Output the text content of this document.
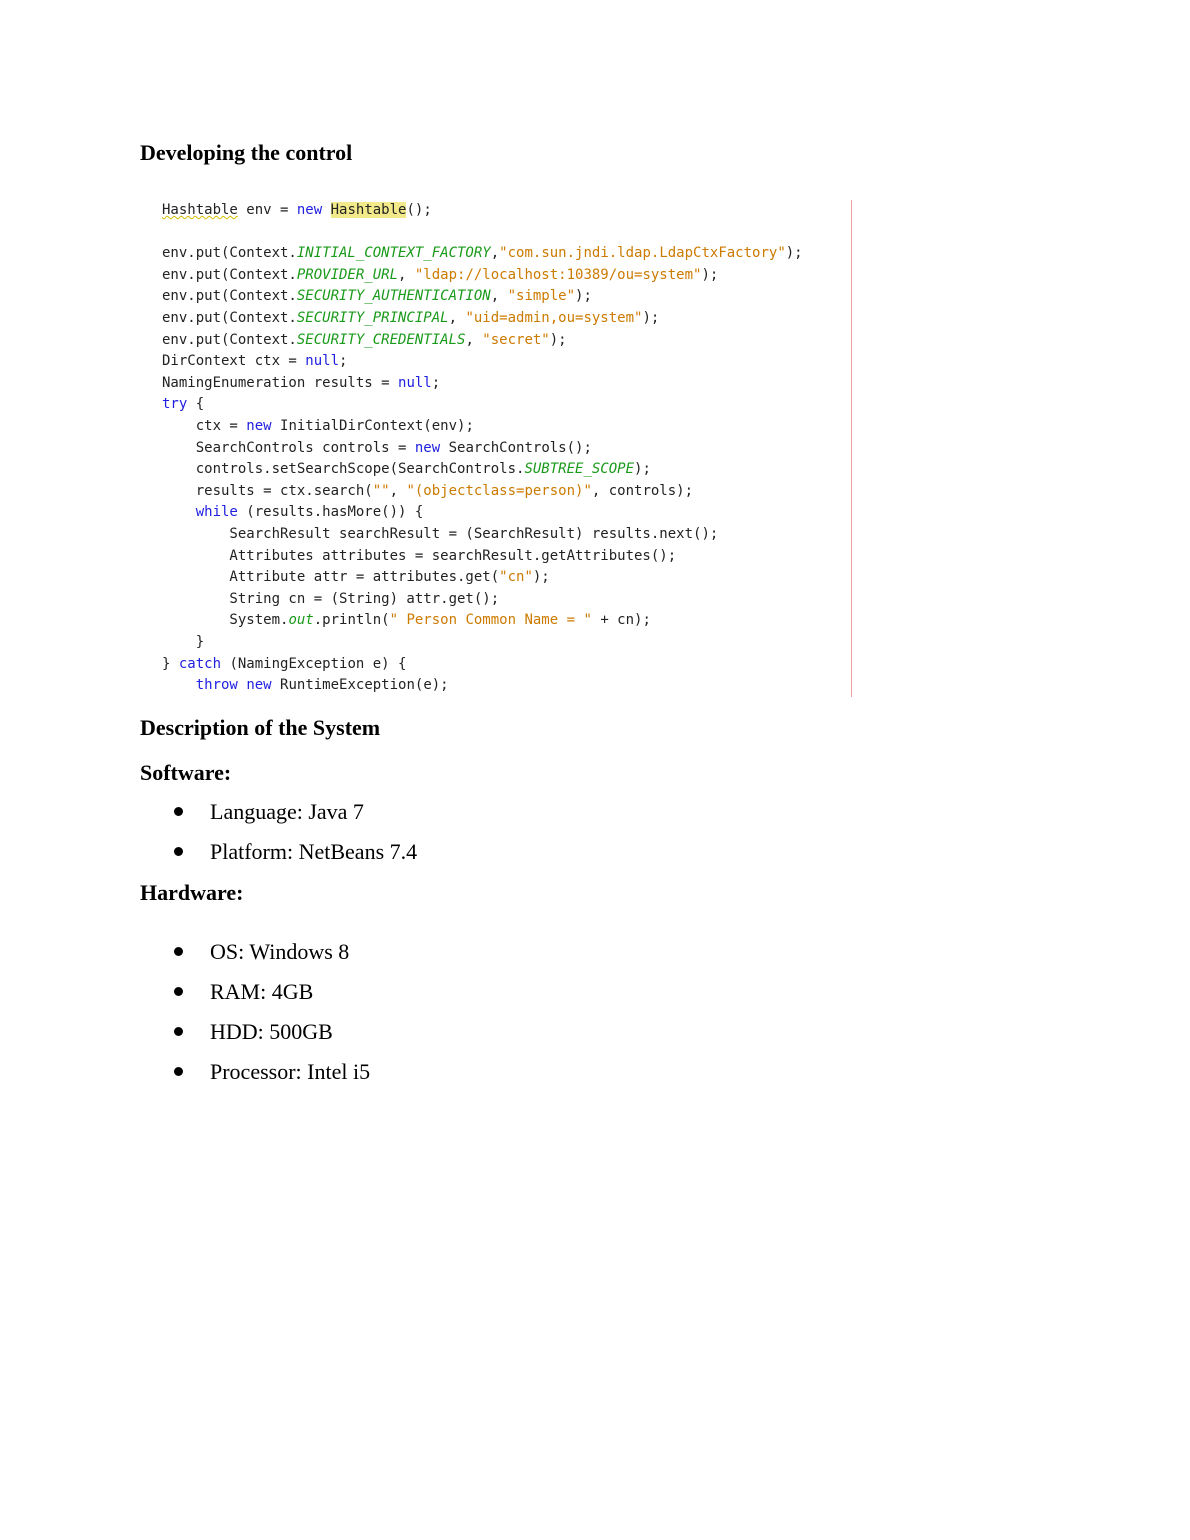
Developing the control
Hashtable env = new Hashtable();
env.put(Context.INITIAL_CONTEXT_FACTORY,"com.sun.jndi.ldap.LdapCtxFactory");
env.put(Context.PROVIDER_URL, "ldap://localhost:10389/ou=system");
env.put(Context.SECURITY_AUTHENTICATION, "simple");
env.put(Context.SECURITY_PRINCIPAL, "uid=admin,ou=system");
env.put(Context.SECURITY_CREDENTIALS, "secret");
DirContext ctx = null;
NamingEnumeration results = null;
try {
ctx = new InitialDirContext(env);
SearchControls controls = new SearchControls();
controls.setSearchScope(SearchControls.SUBTREE_SCOPE);
results = ctx.search("", "(objectclass=person)", controls);
while (results.hasMore()) {
SearchResult searchResult = (SearchResult) results.next();
Attributes attributes = searchResult.getAttributes();
Attribute attr = attributes.get("cn");
String cn = (String) attr.get();
System.out.println(" Person Common Name = " + cn);
}
} catch (NamingException e) {
throw new RuntimeException(e);
Description of the System
Software:
Language: Java 7
Platform: NetBeans 7.4
Hardware:
OS: Windows 8
RAM: 4GB
HDD: 500GB
Processor: Intel i5
